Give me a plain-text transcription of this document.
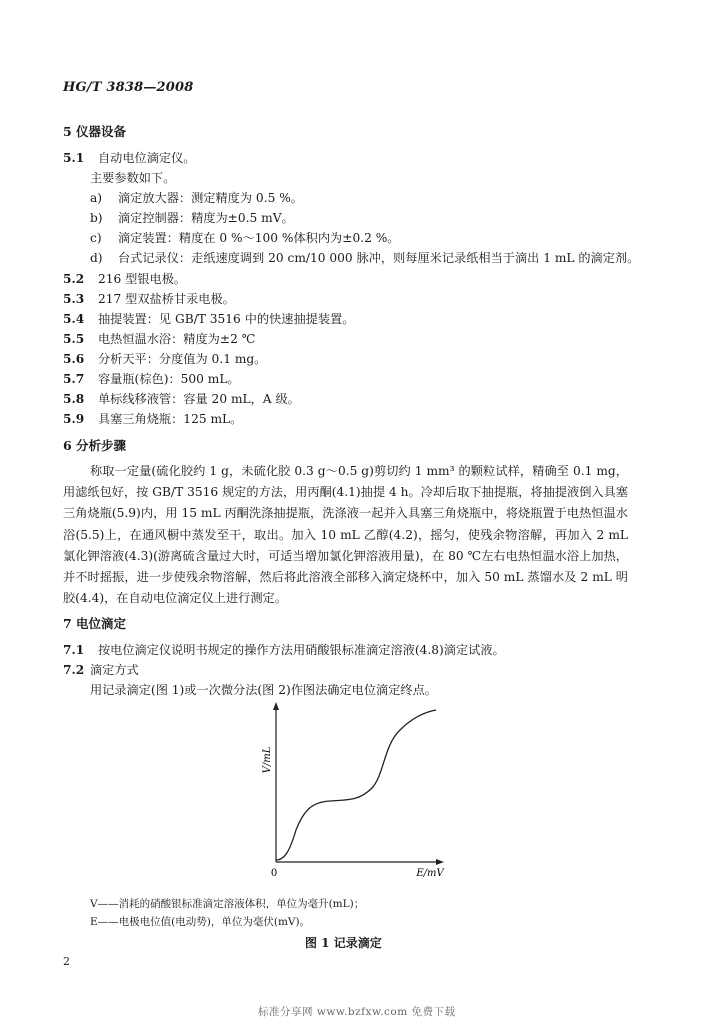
HG/T 3838—2008
5 仪器设备
5.1 自动电位滴定仪。
主要参数如下。
a) 滴定放大器：测定精度为 0.5 %。
b) 滴定控制器：精度为±0.5 mV。
c) 滴定装置：精度在 0 %～100 %体积内为±0.2 %。
d) 台式记录仪：走纸速度调到 20 cm/10 000 脉冲，则每厘米记录纸相当于滴出 1 mL 的滴定剂。
5.2 216 型银电极。
5.3 217 型双盐桥甘汞电极。
5.4 抽提装置：见 GB/T 3516 中的快速抽提装置。
5.5 电热恒温水浴：精度为±2 ℃
5.6 分析天平：分度值为 0.1 mg。
5.7 容量瓶(棕色)：500 mL。
5.8 单标线移液管：容量 20 mL，A 级。
5.9 具塞三角烧瓶：125 mL。
6 分析步骤
称取一定量(硫化胶约 1 g，未硫化胶 0.3 g～0.5 g)剪切约 1 mm³ 的颗粒试样，精确至 0.1 mg，用滤纸包好，按 GB/T 3516 规定的方法，用丙酮(4.1)抽提 4 h。冷却后取下抽提瓶，将抽提液倒入具塞三角烧瓶(5.9)内，用 15 mL 丙酮洗涤抽提瓶，洗涤液一起并入具塞三角烧瓶中，将烧瓶置于电热恒温水浴(5.5)上，在通风橱中蒸发至干，取出。加入 10 mL 乙醇(4.2)，摇匀，使残余物溶解，再加入 2 mL 氯化钾溶液(4.3)(游离硫含量过大时，可适当增加氯化钾溶液用量)，在 80 ℃左右电热恒温水浴上加热，并不时摇振，进一步使残余物溶解，然后将此溶液全部移入滴定烧杯中，加入 50 mL 蒸馏水及 2 mL 明胶(4.4)，在自动电位滴定仪上进行测定。
7 电位滴定
7.1 按电位滴定仪说明书规定的操作方法用硝酸银标准滴定溶液(4.8)滴定试液。
7.2 滴定方式
用记录滴定(图 1)或一次微分法(图 2)作图法确定电位滴定终点。
V/mL
0	E/mV
V——消耗的硝酸银标准滴定溶液体积，单位为毫升(mL)；
E——电极电位值(电动势)，单位为毫伏(mV)。
图 1 记录滴定
2
标准分享网 www.bzfxw.com 免费下载
